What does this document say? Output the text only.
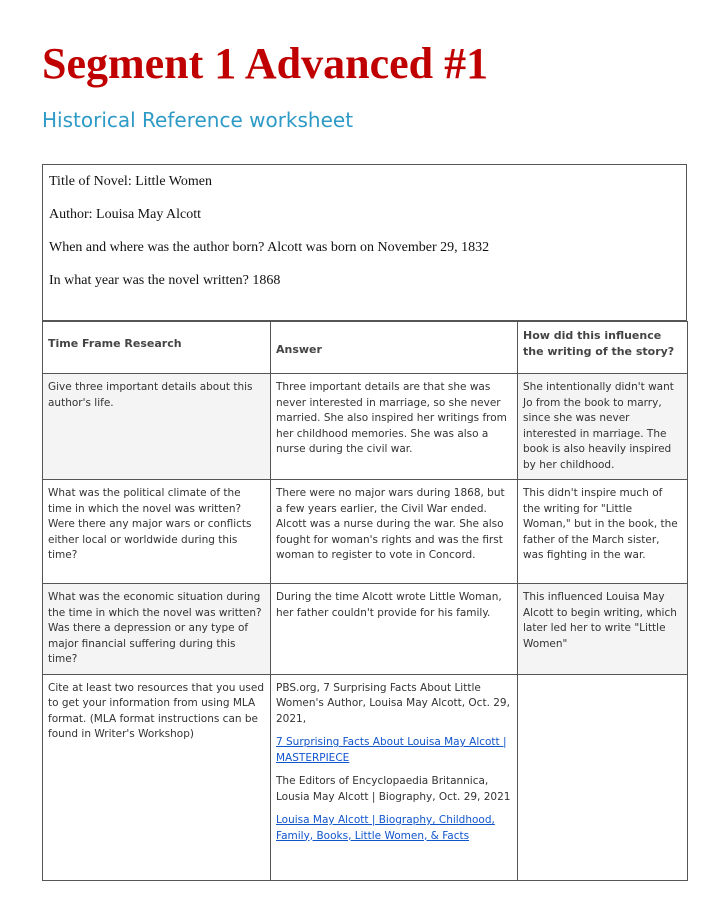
Segment 1 Advanced #1
Historical Reference worksheet

Title of Novel: Little Women

Author: Louisa May Alcott

When and where was the author born? Alcott was born on November 29, 1832

In what year was the novel written? 1868

Time Frame Research	Answer	How did this influence the writing of the story?
Give three important details about this author's life.	Three important details are that she was never interested in marriage, so she never married. She also inspired her writings from her childhood memories. She was also a nurse during the civil war.	She intentionally didn't want Jo from the book to marry, since she was never interested in marriage. The book is also heavily inspired by her childhood.
What was the political climate of the time in which the novel was written? Were there any major wars or conflicts either local or worldwide during this time?	There were no major wars during 1868, but a few years earlier, the Civil War ended. Alcott was a nurse during the war. She also fought for woman's rights and was the first woman to register to vote in Concord.	This didn't inspire much of the writing for "Little Woman," but in the book, the father of the March sister, was fighting in the war.
What was the economic situation during the time in which the novel was written? Was there a depression or any type of major financial suffering during this time?	During the time Alcott wrote Little Woman, her father couldn't provide for his family.	This influenced Louisa May Alcott to begin writing, which later led her to write "Little Women"
Cite at least two resources that you used to get your information from using MLA format. (MLA format instructions can be found in Writer's Workshop)	PBS.org, 7 Surprising Facts About Little Women's Author, Louisa May Alcott, Oct. 29, 2021,

7 Surprising Facts About Louisa May Alcott | MASTERPIECE

The Editors of Encyclopaedia Britannica, Lousia May Alcott | Biography, Oct. 29, 2021

Louisa May Alcott | Biography, Childhood, Family, Books, Little Women, & Facts	
